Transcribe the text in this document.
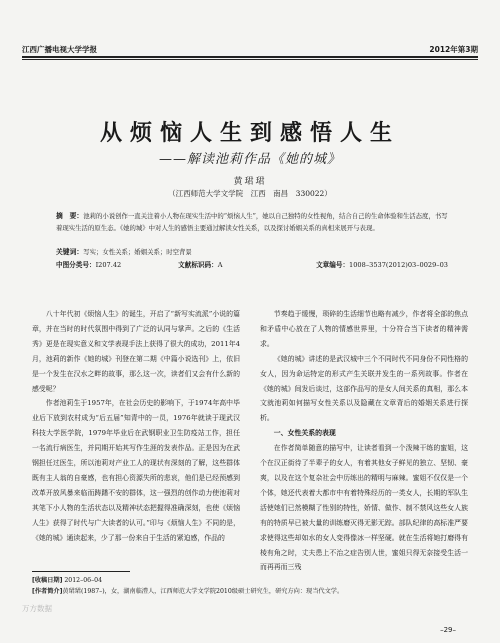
江西广播电视大学学报	2012年第3期
从烦恼人生到感悟人生
——解读池莉作品《她的城》
黄珺珺
（江西师范大学文学院　江西　南昌　330022）
摘　要：池莉的小说创作一直关注着小人物在现实生活中的“烦恼人生”，她以自己独特的女性视角，结合自己的生命体验和生活态度，书写着现实生活的原生态。《她的城》中对人生的感悟主要通过解读女性关系，以及探讨婚姻关系的真相来展开与表现。
关键词：写实；女性关系；婚姻关系；时空背景
中图分类号：I207.42	文献标识码：A	文章编号：1008–3537(2012)03–0029–03

八十年代初《烦恼人生》的诞生，开启了“新写实流派”小说的篇章，并在当时的时代氛围中得到了广泛的认同与掌声。之后的《生活秀》更是在现实意义和文学表现手法上获得了很大的成功，2011年4月，池莉的新作《她的城》刊登在第二期《中篇小说选刊》上，依旧是一个发生在汉水之畔的故事，那么这一次，读者们又会有什么新的感受呢？

作者池莉生于1957年，在社会历史的影响下，于1974年高中毕业后下放到农村成为“后五届”知青中的一员，1976年就读于现武汉科技大学医学院，1979年毕业后在武钢职业卫生防疫站工作，担任一名流行病医生，并同期开始其写作生涯的发表作品。正是因为在武钢担任过医生，所以池莉对产业工人的现状有深刻的了解，这些群体既有主人翁的自豪感，也有担心资源失所的悲哀，他们是已经预感到改革开放风暴来临而踌躇不安的群体，这一强烈的创作动力使池莉对其笔下小人物的生活状态以及精神状态把握得准确深刻，也使《烦恼人生》获得了时代与广大读者的认可。”印与《烦恼人生》不同的是，《她的城》通读起来，少了那一份来自于生活的紧迫感，作品的

节奏趋于缓慢，琐碎的生活细节也略有减少，作者将全部的焦点和矛盾中心放在了人物的情感世界里，十分符合当下读者的精神需求。

《她的城》讲述的是武汉城中三个不同时代不同身份不同性格的女人，因为命运特定的形式产生关联并发生的一系列故事。作者在《她的城》间发后谈过，这部作品写的是女人间关系的真相，那么本文就池莉如何描写女性关系以及隐藏在文章背后的婚姻关系进行探析。

一、女性关系的表现

在作者简单随意的描写中，让读者看到一个泼辣干练的蜜姐，这个在汉正街待了半辈子的女人，有着其他女子鲜见的独立、坚韧、豪爽，以及在这个复杂社会中历练出的精明与麻辣。蜜姐不仅仅是一个个体，她还代表着大都市中有着特殊经历的一类女人，长期的军队生活使她们已然模糊了性别的特性，娇情、做作、制不禁风这些女人族有的特质早已被大量的训练磨灭得无影无踪。部队纪律的高标准严要求使得这些却如水的女人变得像冰一样坚硬。就在生活将她打磨得有棱有角之时，丈夫患上不治之症告别人世，蜜姐只得无奈接受生活一而再再而三残

[收稿日期] 2012–06–04
[作者简介]黄珺珺(1987–)，女，湖南临澧人，江西师范大学文学院2010级硕士研究生，研究方向：现当代文学。
万方数据
–29–
